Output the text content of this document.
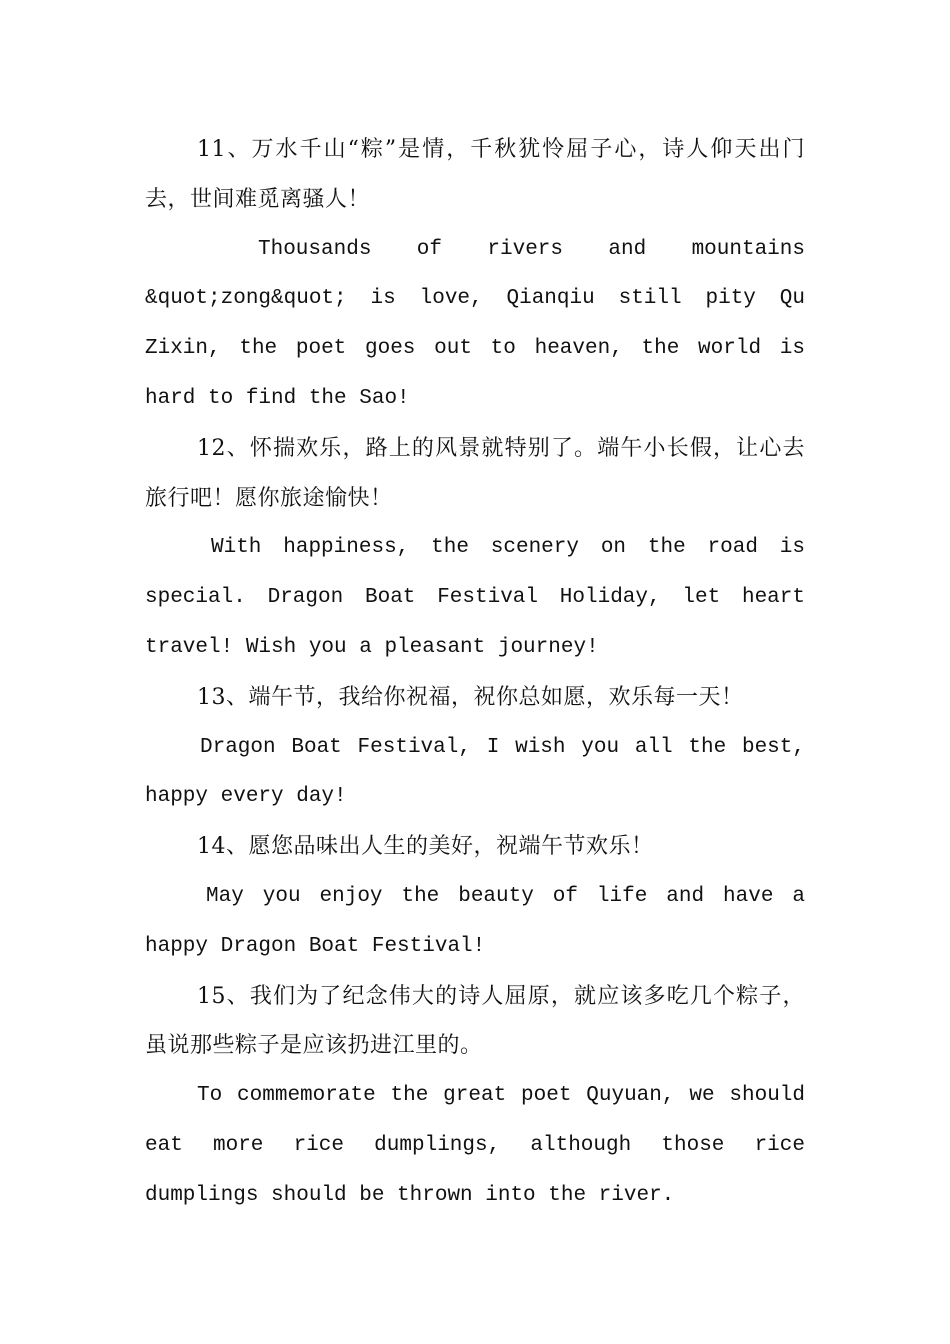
11、万水千山“粽”是情，千秋犹怜屈子心，诗人仰天出门去，世间难觅离骚人！

Thousands of rivers and mountains &quot;zong&quot; is love, Qianqiu still pity Qu Zixin, the poet goes out to heaven, the world is hard to find the Sao!

12、怀揣欢乐，路上的风景就特别了。端午小长假，让心去旅行吧！愿你旅途愉快！

With happiness, the scenery on the road is special. Dragon Boat Festival Holiday, let heart travel! Wish you a pleasant journey!

13、端午节，我给你祝福，祝你总如愿，欢乐每一天！

Dragon Boat Festival, I wish you all the best, happy every day!

14、愿您品味出人生的美好，祝端午节欢乐！

May you enjoy the beauty of life and have a happy Dragon Boat Festival!

15、我们为了纪念伟大的诗人屈原，就应该多吃几个粽子，虽说那些粽子是应该扔进江里的。

To commemorate the great poet Quyuan, we should eat more rice dumplings, although those rice dumplings should be thrown into the river.
